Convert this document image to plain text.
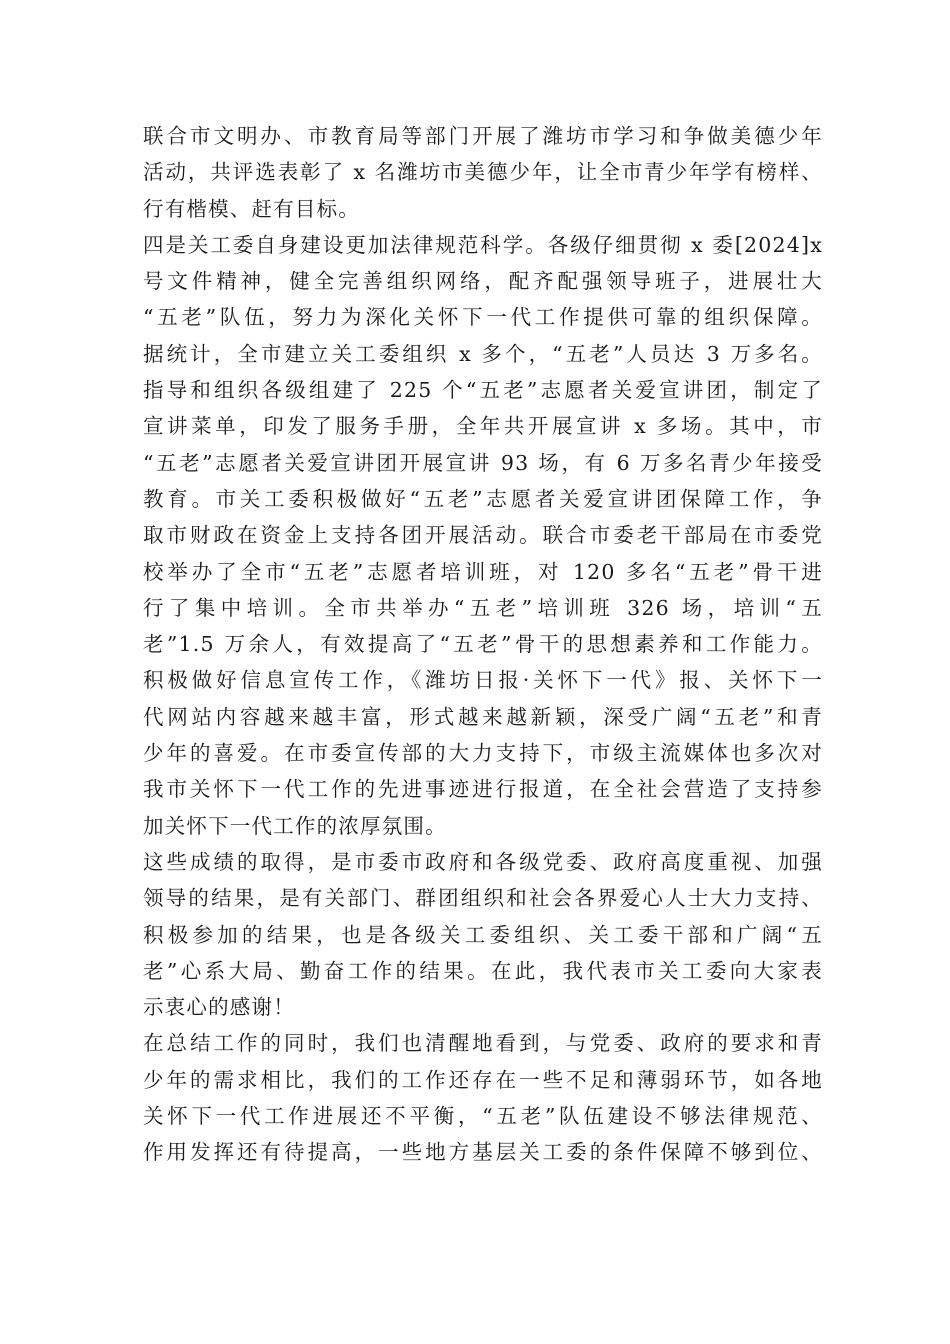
联合市文明办、市教育局等部门开展了潍坊市学习和争做美德少年
活动，共评选表彰了 x 名潍坊市美德少年，让全市青少年学有榜样、
行有楷模、赶有目标。
四是关工委自身建设更加法律规范科学。各级仔细贯彻 x 委[2024]x
号文件精神，健全完善组织网络，配齐配强领导班子，进展壮大
“五老”队伍，努力为深化关怀下一代工作提供可靠的组织保障。
据统计，全市建立关工委组织 x 多个，“五老”人员达 3 万多名。
指导和组织各级组建了 225 个“五老”志愿者关爱宣讲团，制定了
宣讲菜单，印发了服务手册，全年共开展宣讲 x 多场。其中，市
“五老”志愿者关爱宣讲团开展宣讲 93 场，有 6 万多名青少年接受
教育。市关工委积极做好“五老”志愿者关爱宣讲团保障工作，争
取市财政在资金上支持各团开展活动。联合市委老干部局在市委党
校举办了全市“五老”志愿者培训班，对 120 多名“五老”骨干进
行了集中培训。全市共举办“五老”培训班 326 场，培训“五
老”1.5 万余人，有效提高了“五老”骨干的思想素养和工作能力。
积极做好信息宣传工作，《潍坊日报·关怀下一代》报、关怀下一
代网站内容越来越丰富，形式越来越新颖，深受广阔“五老”和青
少年的喜爱。在市委宣传部的大力支持下，市级主流媒体也多次对
我市关怀下一代工作的先进事迹进行报道，在全社会营造了支持参
加关怀下一代工作的浓厚氛围。
这些成绩的取得，是市委市政府和各级党委、政府高度重视、加强
领导的结果，是有关部门、群团组织和社会各界爱心人士大力支持、
积极参加的结果，也是各级关工委组织、关工委干部和广阔“五
老”心系大局、勤奋工作的结果。在此，我代表市关工委向大家表
示衷心的感谢！
在总结工作的同时，我们也清醒地看到，与党委、政府的要求和青
少年的需求相比，我们的工作还存在一些不足和薄弱环节，如各地
关怀下一代工作进展还不平衡，“五老”队伍建设不够法律规范、
作用发挥还有待提高，一些地方基层关工委的条件保障不够到位、
